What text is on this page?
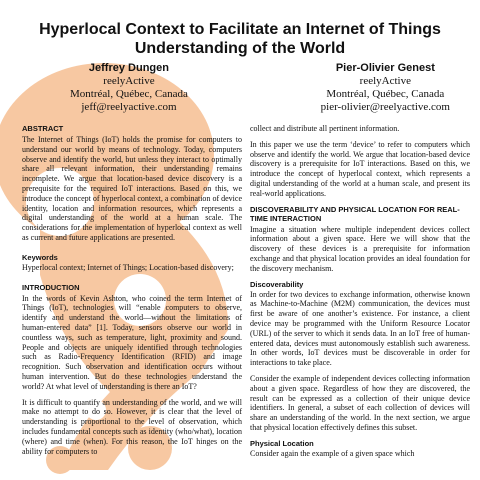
Hyperlocal Context to Facilitate an Internet of Things Understanding of the World
Jeffrey Dungen
reelyActive
Montréal, Québec, Canada
jeff@reelyactive.com
Pier-Olivier Genest
reelyActive
Montréal, Québec, Canada
pier-olivier@reelyactive.com
ABSTRACT

The Internet of Things (IoT) holds the promise for computers to understand our world by means of technology. Today, computers observe and identify the world, but unless they interact to optimally share all relevant information, their understanding remains incomplete. We argue that location-based device discovery is a prerequisite for the required IoT interactions. Based on this, we introduce the concept of hyperlocal context, a combination of device identity, location and information resources, which represents a digital understanding of the world at a human scale. The considerations for the implementation of hyperlocal context as well as current and future applications are presented.

Keywords

Hyperlocal context; Internet of Things; Location-based discovery;

INTRODUCTION

In the words of Kevin Ashton, who coined the term Internet of Things (IoT), technologies will “enable computers to observe, identify and understand the world—without the limitations of human-entered data” [1]. Today, sensors observe our world in countless ways, such as temperature, light, proximity and sound. People and objects are uniquely identified through technologies such as Radio-Frequency Identification (RFID) and image recognition. Such observation and identification occurs without human intervention. But do these technologies understand the world? At what level of understanding is there an IoT?

It is difficult to quantify an understanding of the world, and we will make no attempt to do so. However, it is clear that the level of understanding is proportional to the level of observation, which includes fundamental concepts such as identity (who/what), location (where) and time (when). For this reason, the IoT hinges on the ability for computers to

collect and distribute all pertinent information.

In this paper we use the term ‘device’ to refer to computers which observe and identify the world. We argue that location-based device discovery is a prerequisite for IoT interactions. Based on this, we introduce the concept of hyperlocal context, which represents a digital understanding of the world at a human scale, and present its real-world applications.

DISCOVERABILITY AND PHYSICAL LOCATION FOR REAL-TIME INTERACTION

Imagine a situation where multiple independent devices collect information about a given space. Here we will show that the discovery of these devices is a prerequisite for information exchange and that physical location provides an ideal foundation for the discovery mechanism.

Discoverability

In order for two devices to exchange information, otherwise known as Machine-to-Machine (M2M) communication, the devices must first be aware of one another’s existence. For instance, a client device may be programmed with the Uniform Resource Locator (URL) of the server to which it sends data. In an IoT free of human-entered data, devices must autonomously establish such awareness. In other words, IoT devices must be discoverable in order for interactions to take place.

Consider the example of independent devices collecting information about a given space. Regardless of how they are discovered, the result can be expressed as a collection of their unique device identifiers. In general, a subset of each collection of devices will share an understanding of the world. In the next section, we argue that physical location effectively defines this subset.

Physical Location

Consider again the example of a given space which
